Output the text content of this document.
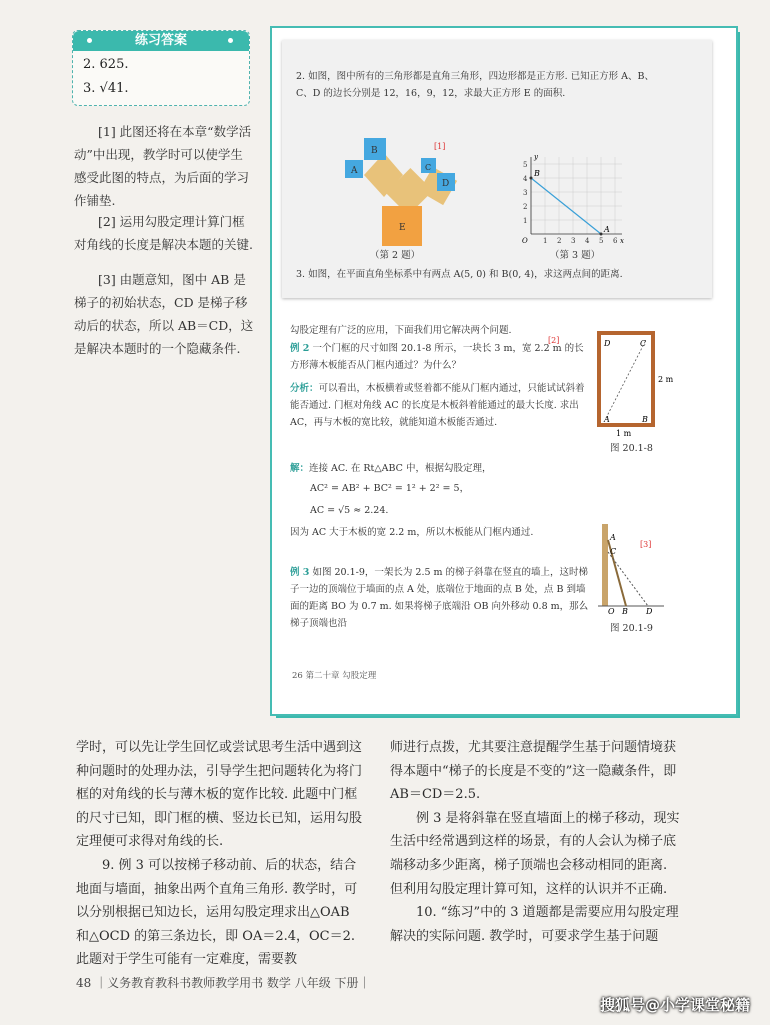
练习答案
2. 625.
3. √41.

[1] 此图还将在本章“数学活动”中出现，教学时可以使学生感受此图的特点，为后面的学习作铺垫.

[2] 运用勾股定理计算门框对角线的长度是解决本题的关键.

[3] 由题意知，图中 AB 是梯子的初始状态，CD 是梯子移动后的状态，所以 AB＝CD，这是解决本题时的一个隐藏条件.

2. 如图，图中所有的三角形都是直角三角形，四边形都是正方形. 已知正方形 A、B、C、D 的边长分别是 12，16，9，12，求最大正方形 E 的面积.
A
B
C
D
E
[1]
（第 2 题）
1 2 3 4 5 6
1
2
3
4
5
O	x
y
B
A
（第 3 题）
3. 如图，在平面直角坐标系中有两点 A(5, 0) 和 B(0, 4)，求这两点间的距离.
勾股定理有广泛的应用，下面我们用它解决两个问题.
例 2 一个门框的尺寸如图 20.1-8 所示，一块长 3 m，宽 2.2 m 的长方形薄木板能否从门框内通过？为什么？
[2]
分析：可以看出，木板横着或竖着都不能从门框内通过，只能试试斜着能否通过. 门框对角线 AC 的长度是木板斜着能通过的最大长度. 求出 AC，再与木板的宽比较，就能知道木板能否通过.
解：连接 AC. 在 Rt△ABC 中，根据勾股定理，
AC² = AB² + BC² = 1² + 2² = 5，
AC = √5 ≈ 2.24.
因为 AC 大于木板的宽 2.2 m，所以木板能从门框内通过.
例 3 如图 20.1-9，一架长为 2.5 m 的梯子斜靠在竖直的墙上，这时梯子一边的顶端位于墙面的点 A 处，底端位于地面的点 B 处，点 B 到墙面的距离 BO 为 0.7 m. 如果将梯子底端沿 OB 向外移动 0.8 m，那么梯子顶端也沿
D	C
A	B
2 m
1 m
图 20.1-8
O B D
A
C
[3]
图 20.1-9
26 第二十章 勾股定理

学时，可以先让学生回忆或尝试思考生活中遇到这种问题时的处理办法，引导学生把问题转化为将门框的对角线的长与薄木板的宽作比较. 此题中门框的尺寸已知，即门框的横、竖边长已知，运用勾股定理便可求得对角线的长.

9. 例 3 可以按梯子移动前、后的状态，结合地面与墙面，抽象出两个直角三角形. 教学时，可以分别根据已知边长，运用勾股定理求出△OAB 和△OCD 的第三条边长，即 OA＝2.4，OC＝2. 此题对于学生可能有一定难度，需要教

师进行点拨，尤其要注意提醒学生基于问题情境获得本题中“梯子的长度是不变的”这一隐藏条件，即 AB＝CD＝2.5.

例 3 是将斜靠在竖直墙面上的梯子移动，现实生活中经常遇到这样的场景，有的人会认为梯子底端移动多少距离，梯子顶端也会移动相同的距离. 但利用勾股定理计算可知，这样的认识并不正确.

10. “练习”中的 3 道题都是需要应用勾股定理解决的实际问题. 教学时，可要求学生基于问题

48 ｜义务教育教科书教师教学用书 数学 八年级 下册｜
搜狐号@小学课堂秘籍
